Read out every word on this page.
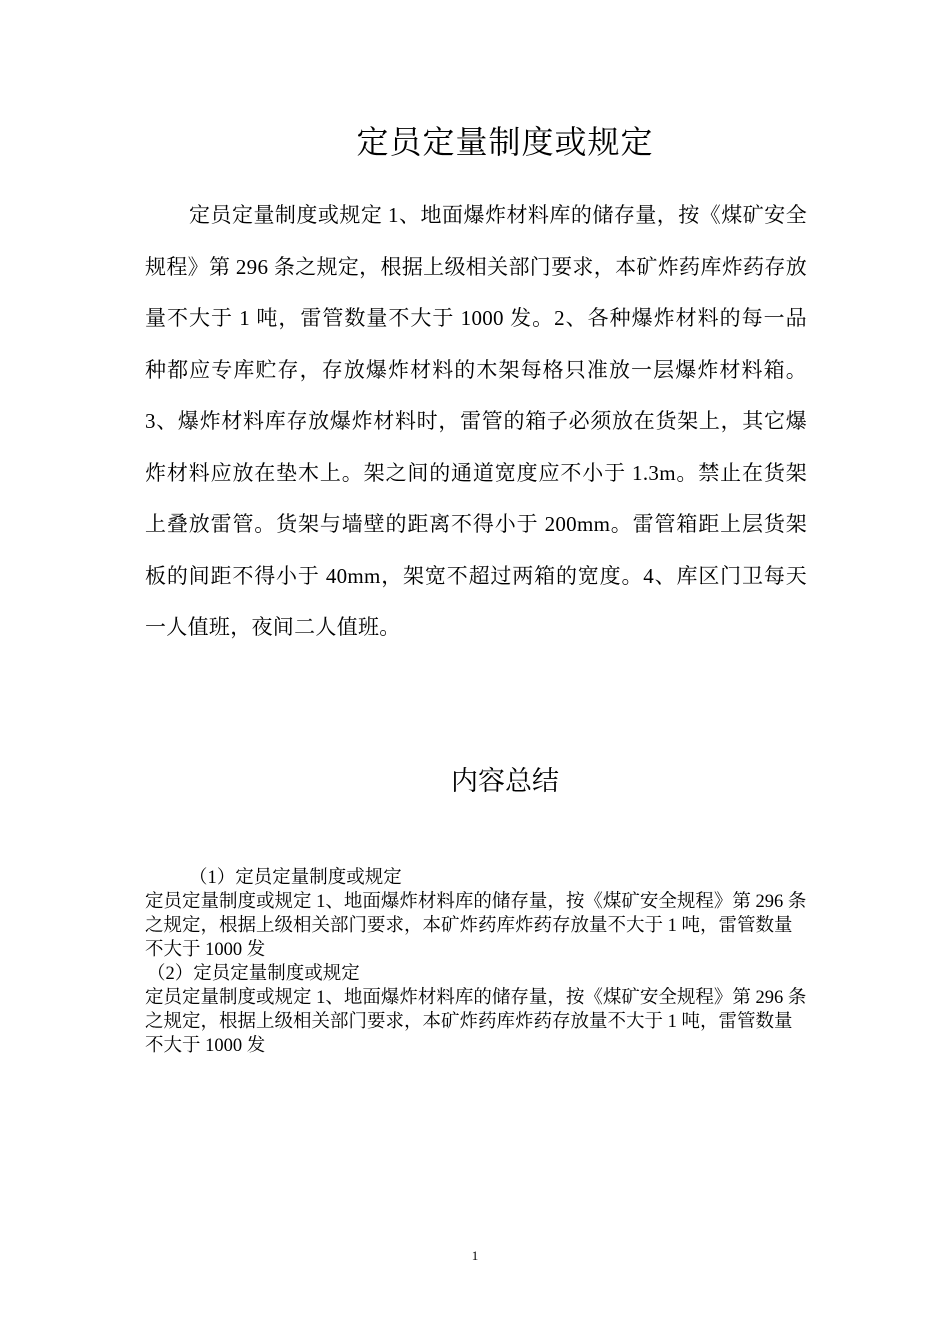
定员定量制度或规定

定员定量制度或规定 1、地面爆炸材料库的储存量，按《煤矿安全规程》第 296 条之规定，根据上级相关部门要求，本矿炸药库炸药存放量不大于 1 吨，雷管数量不大于 1000 发。2、各种爆炸材料的每一品种都应专库贮存，存放爆炸材料的木架每格只准放一层爆炸材料箱。3、爆炸材料库存放爆炸材料时，雷管的箱子必须放在货架上，其它爆炸材料应放在垫木上。架之间的通道宽度应不小于 1.3m。禁止在货架上叠放雷管。货架与墙壁的距离不得小于 200mm。雷管箱距上层货架板的间距不得小于 40mm，架宽不超过两箱的宽度。4、库区门卫每天一人值班，夜间二人值班。

内容总结

（1）定员定量制度或规定

定员定量制度或规定 1、地面爆炸材料库的储存量，按《煤矿安全规程》第 296 条之规定，根据上级相关部门要求，本矿炸药库炸药存放量不大于 1 吨，雷管数量不大于 1000 发

（2）定员定量制度或规定

定员定量制度或规定 1、地面爆炸材料库的储存量，按《煤矿安全规程》第 296 条之规定，根据上级相关部门要求，本矿炸药库炸药存放量不大于 1 吨，雷管数量不大于 1000 发

1
